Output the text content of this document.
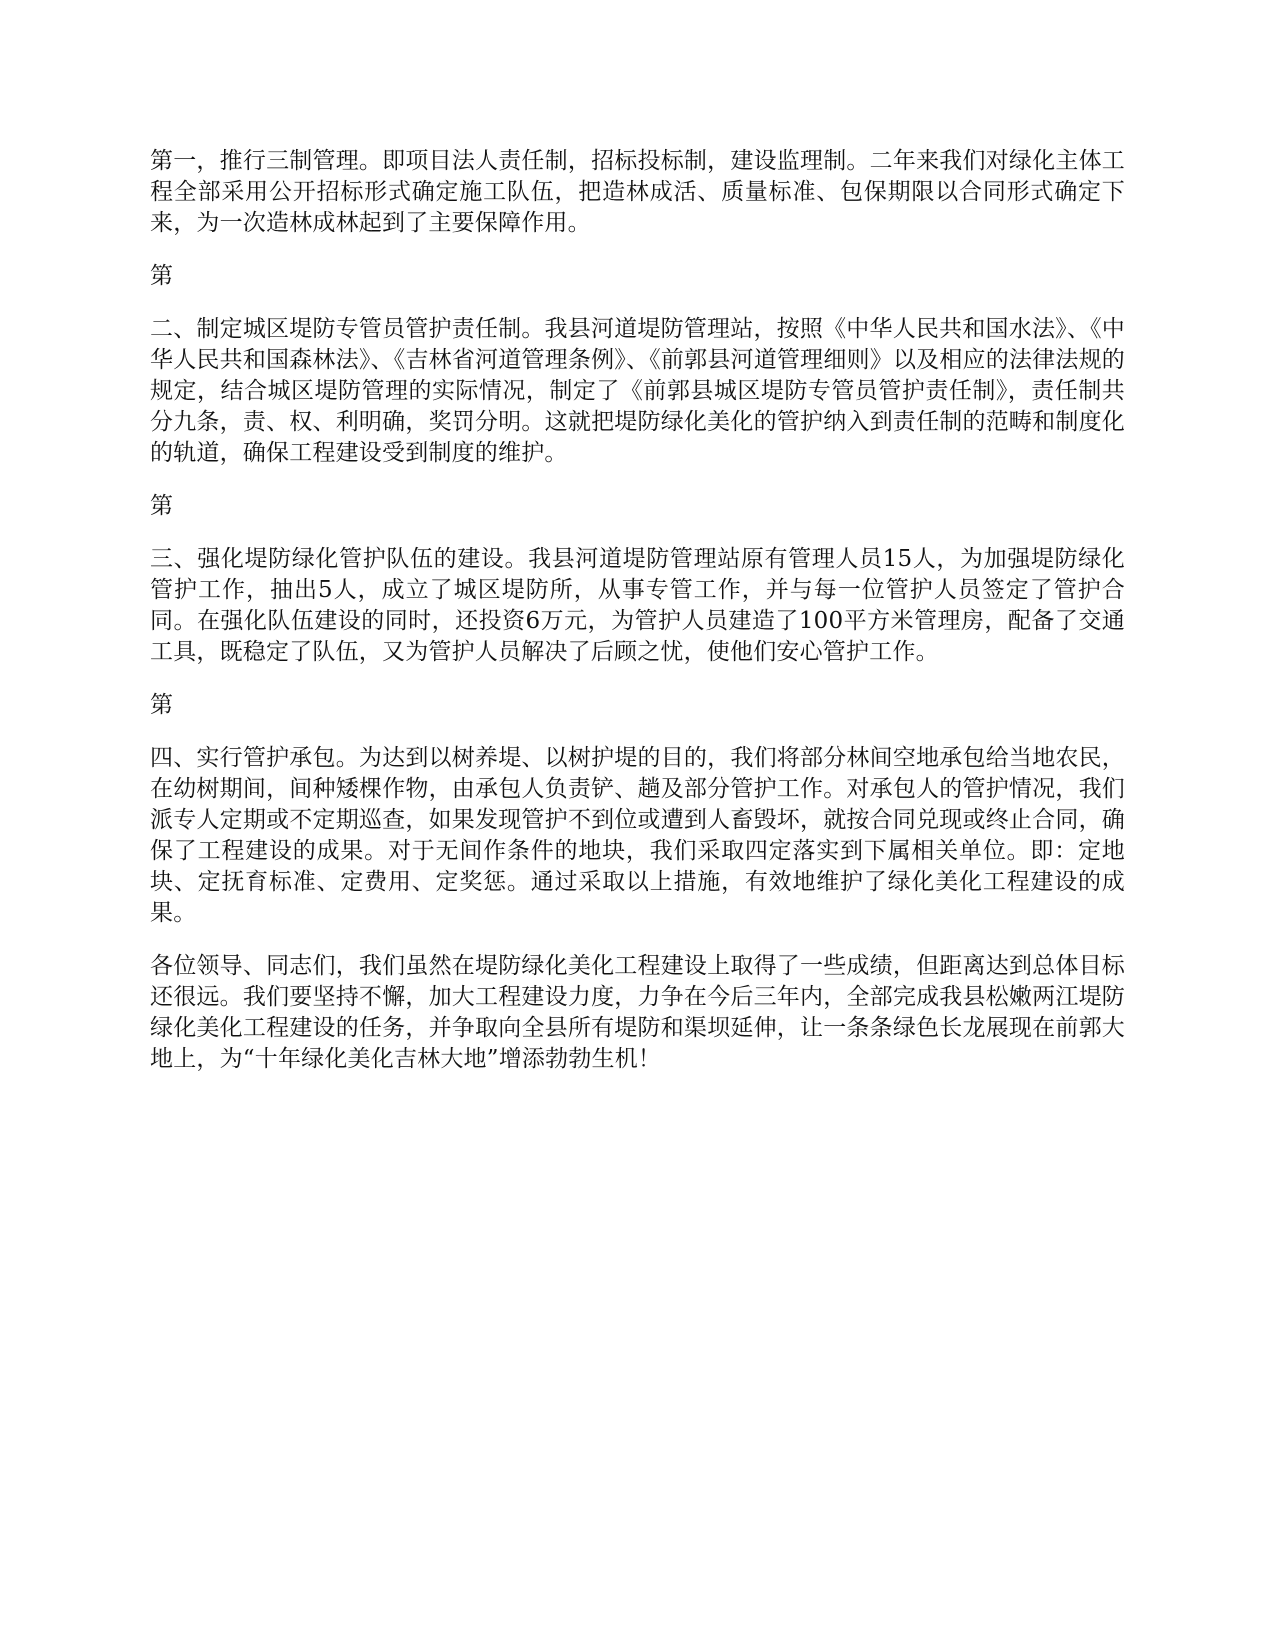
第一，推行三制管理。即项目法人责任制，招标投标制，建设监理制。二年来我们对绿化主体工程全部采用公开招标形式确定施工队伍，把造林成活、质量标准、包保期限以合同形式确定下来，为一次造林成林起到了主要保障作用。

第

二、制定城区堤防专管员管护责任制。我县河道堤防管理站，按照《中华人民共和国水法》、《中华人民共和国森林法》、《吉林省河道管理条例》、《前郭县河道管理细则》以及相应的法律法规的规定，结合城区堤防管理的实际情况，制定了《前郭县城区堤防专管员管护责任制》，责任制共分九条，责、权、利明确，奖罚分明。这就把堤防绿化美化的管护纳入到责任制的范畴和制度化的轨道，确保工程建设受到制度的维护。

第

三、强化堤防绿化管护队伍的建设。我县河道堤防管理站原有管理人员15人，为加强堤防绿化管护工作，抽出5人，成立了城区堤防所，从事专管工作，并与每一位管护人员签定了管护合同。在强化队伍建设的同时，还投资6万元，为管护人员建造了100平方米管理房，配备了交通工具，既稳定了队伍，又为管护人员解决了后顾之忧，使他们安心管护工作。

第

四、实行管护承包。为达到以树养堤、以树护堤的目的，我们将部分林间空地承包给当地农民，在幼树期间，间种矮棵作物，由承包人负责铲、趟及部分管护工作。对承包人的管护情况，我们派专人定期或不定期巡查，如果发现管护不到位或遭到人畜毁坏，就按合同兑现或终止合同，确保了工程建设的成果。对于无间作条件的地块，我们采取四定落实到下属相关单位。即：定地块、定抚育标准、定费用、定奖惩。通过采取以上措施，有效地维护了绿化美化工程建设的成果。

各位领导、同志们，我们虽然在堤防绿化美化工程建设上取得了一些成绩，但距离达到总体目标还很远。我们要坚持不懈，加大工程建设力度，力争在今后三年内，全部完成我县松嫩两江堤防绿化美化工程建设的任务，并争取向全县所有堤防和渠坝延伸，让一条条绿色长龙展现在前郭大地上，为“十年绿化美化吉林大地”增添勃勃生机！
